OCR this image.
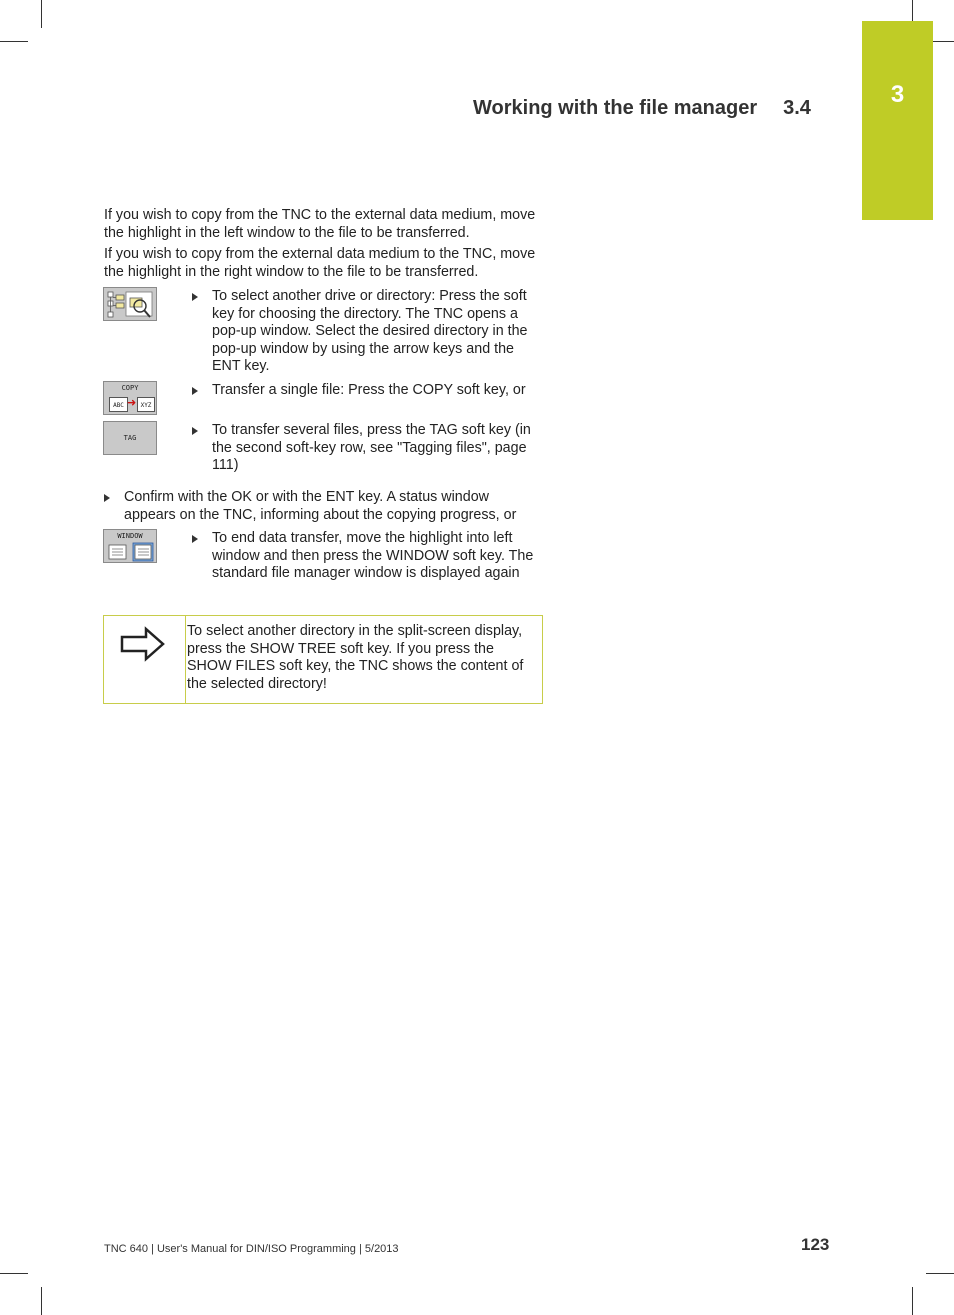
3
Working with the file manager 3.4
If you wish to copy from the TNC to the external data medium, move the highlight in the left window to the file to be transferred.
If you wish to copy from the external data medium to the TNC, move the highlight in the right window to the file to be transferred.
To select another drive or directory: Press the soft key for choosing the directory. The TNC opens a pop-up window. Select the desired directory in the pop-up window by using the arrow keys and the ENT key.
COPY
ABC ➜ XYZ
Transfer a single file: Press the COPY soft key, or
TAG	To transfer several files, press the TAG soft key (in the second soft-key row, see "Tagging files", page 111)
Confirm with the OK or with the ENT key. A status window appears on the TNC, informing about the copying progress, or
WINDOW	To end data transfer, move the highlight into left window and then press the WINDOW soft key. The standard file manager window is displayed again
To select another directory in the split-screen display, press the SHOW TREE soft key. If you press the SHOW FILES soft key, the TNC shows the content of the selected directory!
TNC 640 | User's Manual for DIN/ISO Programming | 5/2013	123
